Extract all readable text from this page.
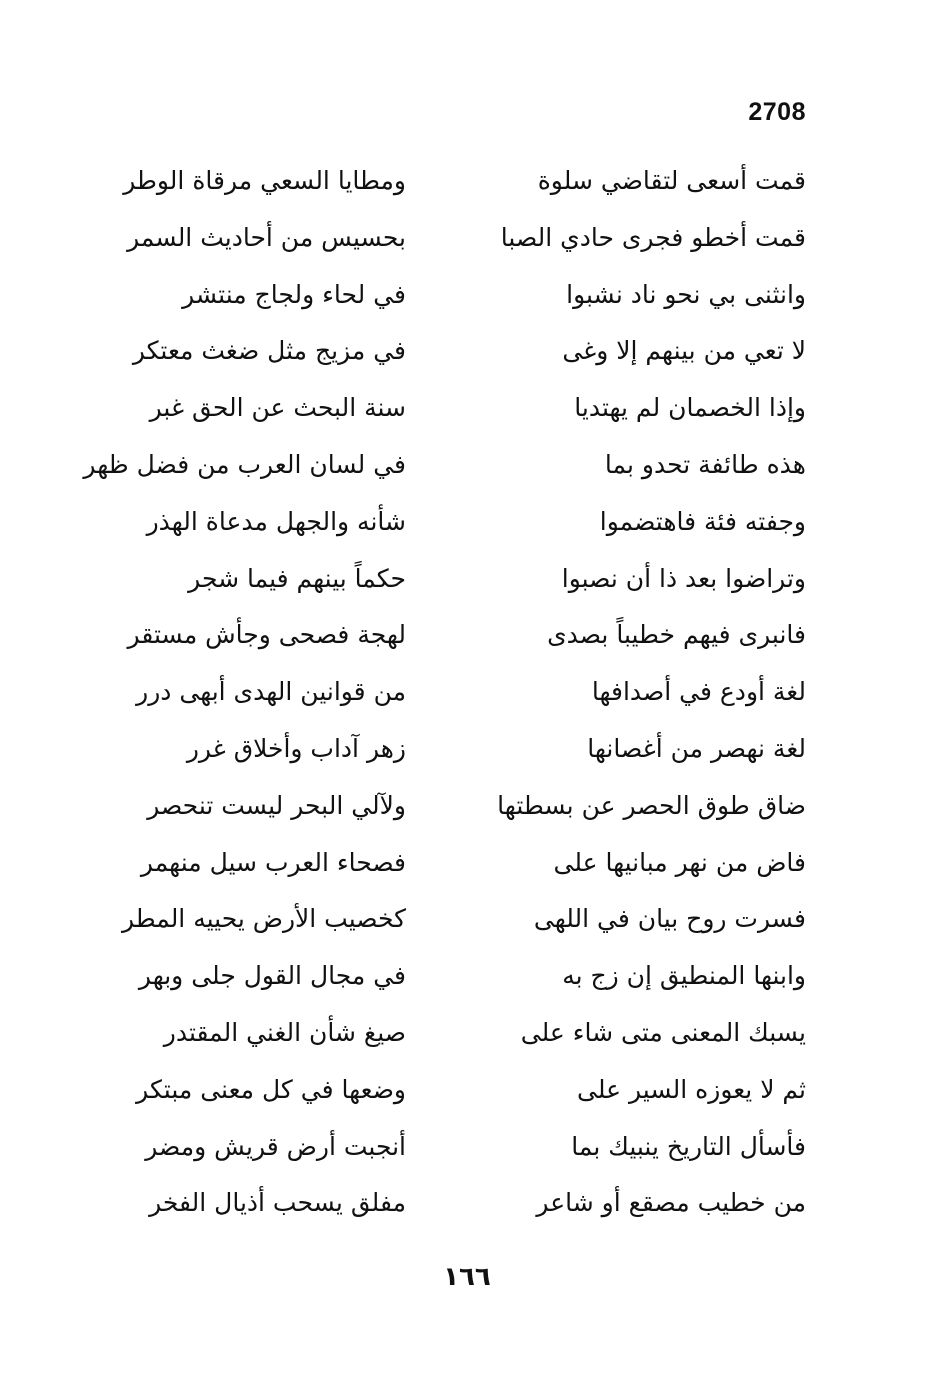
2708
قمت أسعى لتقاضي سلوة
ومطايا السعي مرقاة الوطر
قمت أخطو فجرى حادي الصبا
بحسيس من أحاديث السمر
وانثنى بي نحو ناد نشبوا
في لحاء ولجاج منتشر
لا تعي من بينهم إلا وغى
في مزيج مثل ضغث معتكر
وإذا الخصمان لم يهتديا
سنة البحث عن الحق غبر
هذه طائفة تحدو بما
في لسان العرب من فضل ظهر
وجفته فئة فاهتضموا
شأنه والجهل مدعاة الهذر
وتراضوا بعد ذا أن نصبوا
حكماً بينهم فيما شجر
فانبرى فيهم خطيباً بصدى
لهجة فصحى وجأش مستقر
لغة أودع في أصدافها
من قوانين الهدى أبهى درر
لغة نهصر من أغصانها
زهر آداب وأخلاق غرر
ضاق طوق الحصر عن بسطتها
ولآلي البحر ليست تنحصر
فاض من نهر مبانيها على
فصحاء العرب سيل منهمر
فسرت روح بيان في اللهى
كخصيب الأرض يحييه المطر
وابنها المنطيق إن زج به
في مجال القول جلى وبهر
يسبك المعنى متى شاء على
صيغ شأن الغني المقتدر
ثم لا يعوزه السير على
وضعها في كل معنى مبتكر
فأسأل التاريخ ينبيك بما
أنجبت أرض قريش ومضر
من خطيب مصقع أو شاعر
مفلق يسحب أذيال الفخر
١٦٦
